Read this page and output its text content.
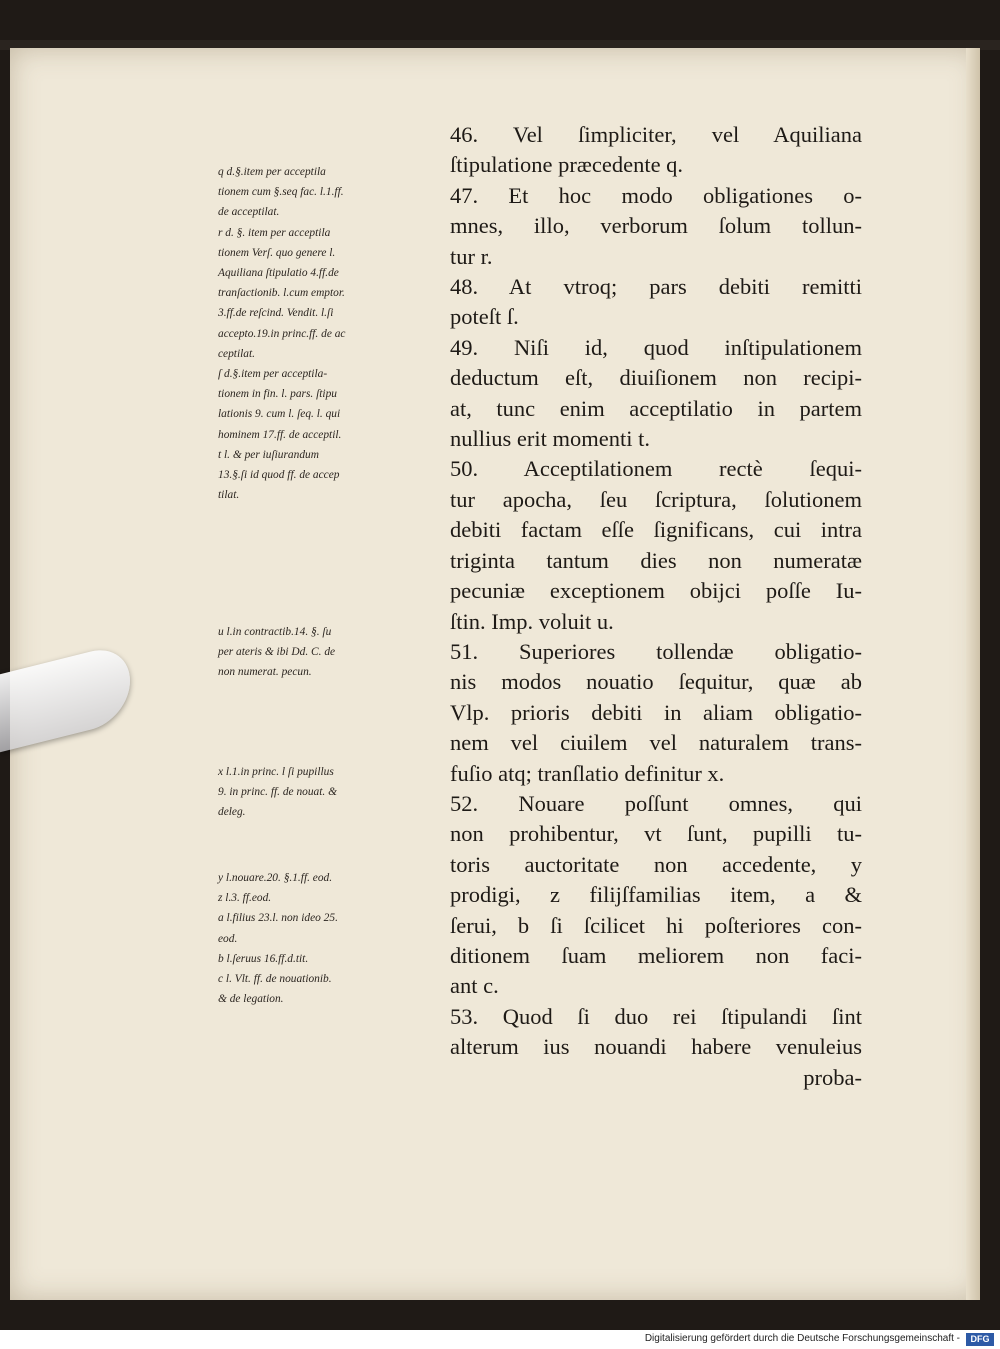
q d.§.item per acceptila
tionem cum §.seq fac. l.1.ff.
de acceptilat.
r d. §. item per acceptila
tionem Verſ. quo genere l.
Aquiliana ſtipulatio 4.ff.de
tranſactionib. l.cum emptor.
3.ff.de reſcind. Vendit. l.ſi
accepto.19.in princ.ff. de ac
ceptilat.
ſ d.§.item per acceptila-
tionem in fin. l. pars. ſtipu
lationis 9. cum l. ſeq. l. qui
hominem 17.ff. de acceptil.
t l. & per iuſiurandum
13.§.ſi id quod ff. de accep
tilat.
u l.in contractib.14. §. ſu
per ateris & ibi Dd. C. de
non numerat. pecun.
x l.1.in princ. l ſi pupillus
9. in princ. ff. de nouat. &
deleg.
y l.nouare.20. §.1.ff. eod.
z l.3. ff.eod.
a l.filius 23.l. non ideo 25.
eod.
b l.ſeruus 16.ff.d.tit.
c l. Vlt. ff. de nouationib.
& de legation.
46. Vel ſimpliciter, vel Aquiliana
ſtipulatione præcedente q.
47. Et hoc modo obligationes o-
mnes, illo, verborum ſolum tollun-
tur r.
48. At vtroq; pars debiti remitti
poteſt ſ.
49. Niſi id, quod inſtipulationem
deductum eſt, diuiſionem non recipi-
at, tunc enim acceptilatio in partem
nullius erit momenti t.
50. Acceptilationem rectè ſequi-
tur apocha, ſeu ſcriptura, ſolutionem
debiti factam eſſe ſignificans, cui intra
triginta tantum dies non numeratæ
pecuniæ exceptionem obijci poſſe Iu-
ſtin. Imp. voluit u.
51. Superiores tollendæ obligatio-
nis modos nouatio ſequitur, quæ ab
Vlp. prioris debiti in aliam obligatio-
nem vel ciuilem vel naturalem trans-
fuſio atq; tranſlatio definitur x.
52. Nouare poſſunt omnes, qui
non prohibentur, vt ſunt, pupilli tu-
toris auctoritate non accedente, y
prodigi, z filijſfamilias item, a &
ſerui, b ſi ſcilicet hi poſteriores con-
ditionem ſuam meliorem non faci-
ant c.
53. Quod ſi duo rei ſtipulandi ſint
alterum ius nouandi habere venuleius
proba-
Digitalisierung gefördert durch die Deutsche Forschungsgemeinschaft -	DFG
